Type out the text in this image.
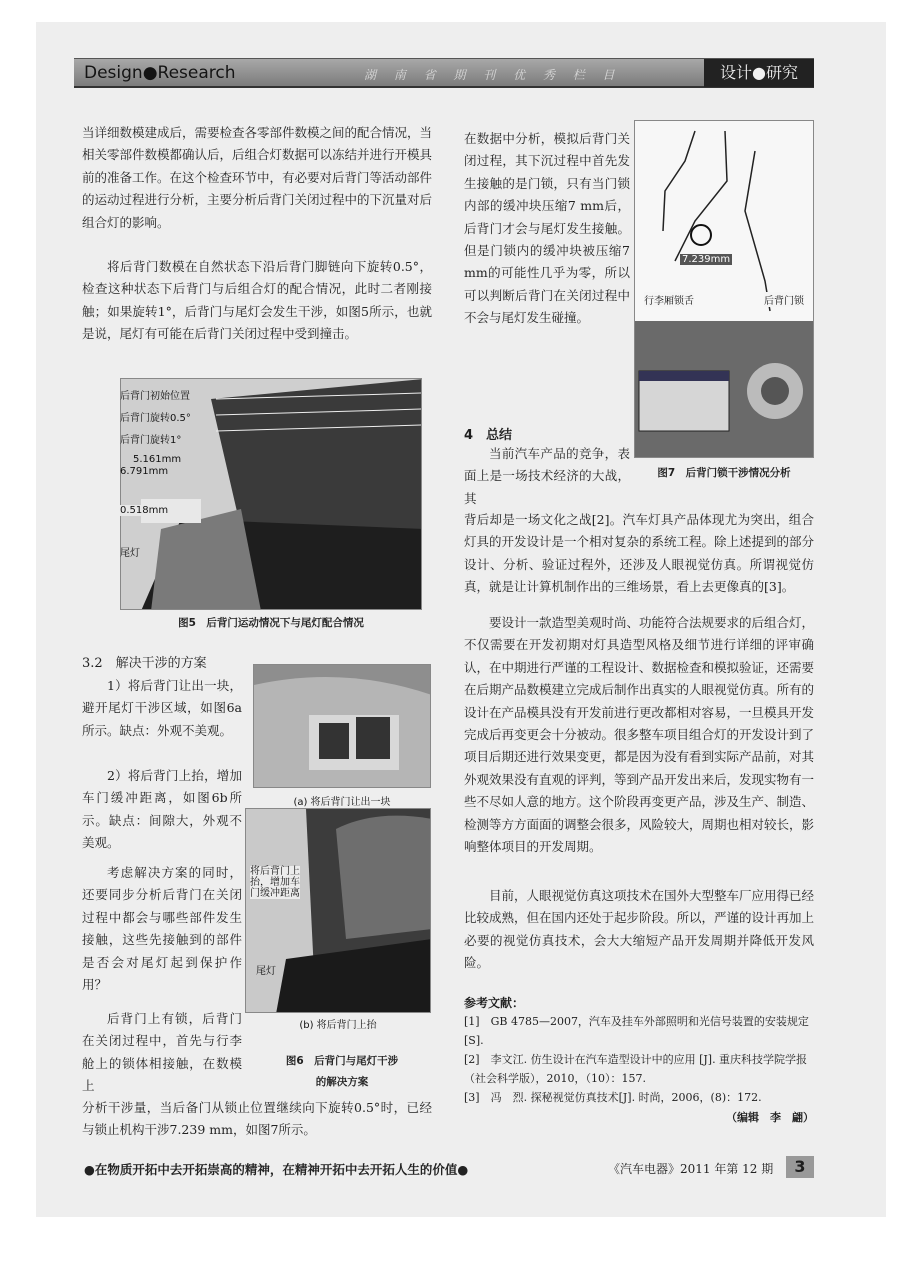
Design●Research	湖 南 省 期 刊 优 秀 栏 目	设计●研究
当详细数模建成后，需要检查各零部件数模之间的配合情况，当相关零部件数模都确认后，后组合灯数据可以冻结并进行开模具前的准备工作。在这个检查环节中，有必要对后背门等活动部件的运动过程进行分析，主要分析后背门关闭过程中的下沉量对后组合灯的影响。
将后背门数模在自然状态下沿后背门脚链向下旋转0.5°，检查这种状态下后背门与后组合灯的配合情况，此时二者刚接触；如果旋转1°，后背门与尾灯会发生干涉，如图5所示，也就是说，尾灯有可能在后背门关闭过程中受到撞击。
后背门初始位置
后背门旋转0.5°
后背门旋转1°
5.161mm
6.791mm
0.518mm
尾灯
图5　后背门运动情况下与尾灯配合情况
3.2　解决干涉的方案
1）将后背门让出一块，避开尾灯干涉区域，如图6a所示。缺点：外观不美观。
2）将后背门上抬，增加车门缓冲距离，如图6b所示。缺点：间隙大，外观不美观。
考虑解决方案的同时，还要同步分析后背门在关闭过程中都会与哪些部件发生接触，这些先接触到的部件是否会对尾灯起到保护作用？
后背门上有锁，后背门在关闭过程中，首先与行李舱上的锁体相接触，在数模上
分析干涉量，当后备门从锁止位置继续向下旋转0.5°时，已经与锁止机构干涉7.239 mm，如图7所示。
(a) 将后背门让出一块
将后背门上抬，增加车门缓冲距离
尾灯
(b) 将后背门上抬
图6　后背门与尾灯干涉
的解决方案
在数据中分析，模拟后背门关闭过程，其下沉过程中首先发生接触的是门锁，只有当门锁内部的缓冲块压缩7 mm后，后背门才会与尾灯发生接触。但是门锁内的缓冲块被压缩7 mm的可能性几乎为零，所以可以判断后背门在关闭过程中不会与尾灯发生碰撞。
7.239mm
行李厢锁舌	后背门锁
图7　后背门锁干涉情况分析
4　总结
当前汽车产品的竞争，表面上是一场技术经济的大战，其
背后却是一场文化之战[2]。汽车灯具产品体现尤为突出，组合灯具的开发设计是一个相对复杂的系统工程。除上述提到的部分设计、分析、验证过程外，还涉及人眼视觉仿真。所谓视觉仿真，就是让计算机制作出的三维场景，看上去更像真的[3]。
要设计一款造型美观时尚、功能符合法规要求的后组合灯，不仅需要在开发初期对灯具造型风格及细节进行详细的评审确认，在中期进行严谨的工程设计、数据检查和模拟验证，还需要在后期产品数模建立完成后制作出真实的人眼视觉仿真。所有的设计在产品模具没有开发前进行更改都相对容易，一旦模具开发完成后再变更会十分被动。很多整车项目组合灯的开发设计到了项目后期还进行效果变更，都是因为没有看到实际产品前，对其外观效果没有直观的评判，等到产品开发出来后，发现实物有一些不尽如人意的地方。这个阶段再变更产品，涉及生产、制造、检测等方方面面的调整会很多，风险较大，周期也相对较长，影响整体项目的开发周期。
目前，人眼视觉仿真这项技术在国外大型整车厂应用得已经比较成熟，但在国内还处于起步阶段。所以，严谨的设计再加上必要的视觉仿真技术，会大大缩短产品开发周期并降低开发风险。
参考文献：
[1]　GB 4785—2007，汽车及挂车外部照明和光信号装置的安装规定[S].
[2]　李文江. 仿生设计在汽车造型设计中的应用 [J]. 重庆科技学院学报（社会科学版），2010，（10）：157.
[3]　冯　烈. 探秘视觉仿真技术[J]. 时尚，2006，(8)：172.
（编辑　李　翩）
●在物质开拓中去开拓崇高的精神，在精神开拓中去开拓人生的价值●	《汽车电器》2011 年第 12 期	3
